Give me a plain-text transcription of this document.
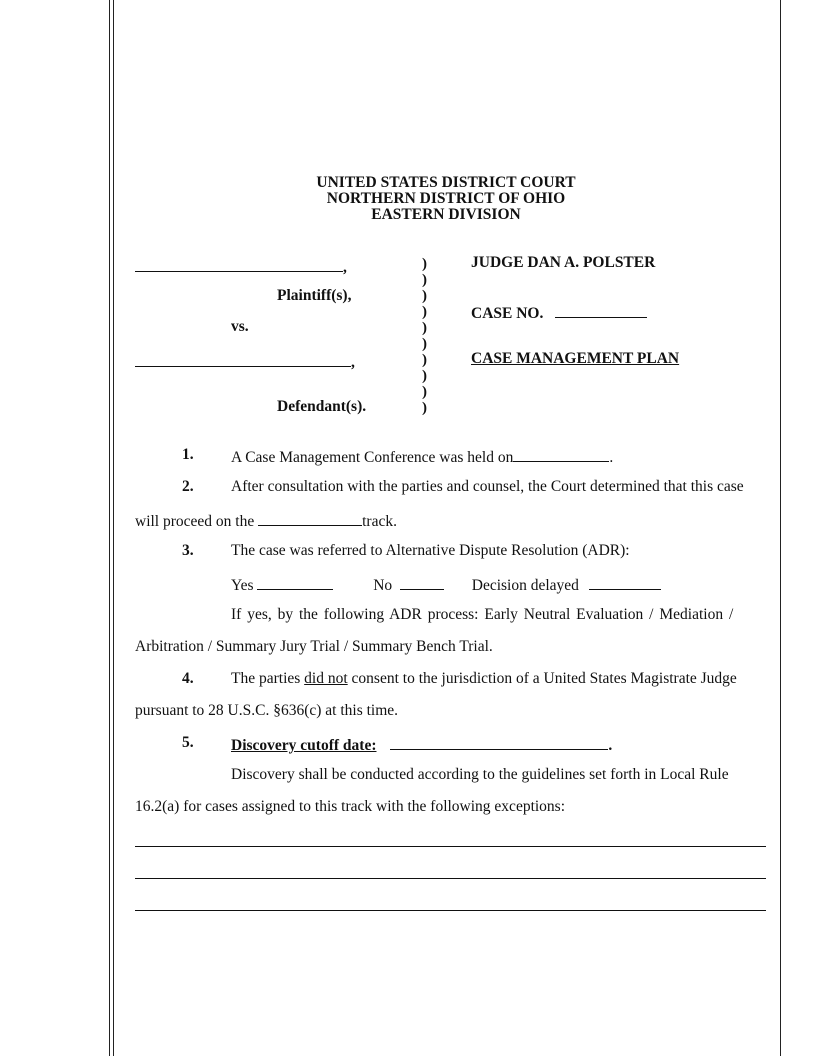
UNITED STATES DISTRICT COURT
NORTHERN DISTRICT OF OHIO
EASTERN DIVISION
,
Plaintiff(s),
vs.
,
Defendant(s).
)
)
)
)
)
)
)
)
)
)
JUDGE DAN A. POLSTER
CASE NO.
CASE MANAGEMENT PLAN
1. A Case Management Conference was held on	.
2. After consultation with the parties and counsel, the Court determined that this case
will proceed on the	track.
3. The case was referred to Alternative Dispute Resolution (ADR):
Yes	No	Decision delayed
If yes, by the following ADR process: Early Neutral Evaluation / Mediation /
Arbitration / Summary Jury Trial / Summary Bench Trial.
4. The parties did not consent to the jurisdiction of a United States Magistrate Judge
pursuant to 28 U.S.C. §636(c) at this time.
5. Discovery cutoff date:	.
Discovery shall be conducted according to the guidelines set forth in Local Rule
16.2(a) for cases assigned to this track with the following exceptions:
